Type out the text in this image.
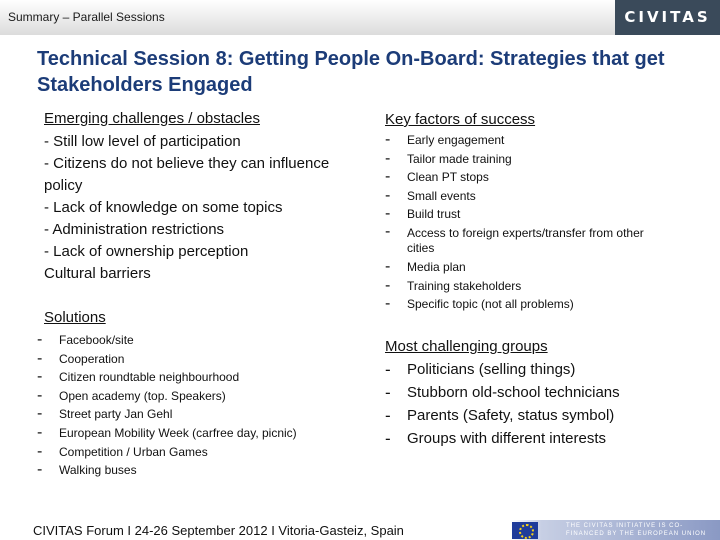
Summary – Parallel Sessions	CIVITAS
Technical Session 8: Getting People On-Board: Strategies that get Stakeholders Engaged
Emerging challenges / obstacles
- Still low level of participation
- Citizens do not believe they can influence policy
- Lack of knowledge on some topics
- Administration restrictions
- Lack of ownership perception
Cultural barriers
Solutions
- Facebook/site
- Cooperation
- Citizen roundtable neighbourhood
- Open academy (top. Speakers)
- Street party Jan Gehl
- European Mobility Week (carfree day, picnic)
- Competition / Urban Games
- Walking buses
Key factors of success
- Early engagement
- Tailor made training
- Clean PT stops
- Small events
- Build trust
- Access to foreign experts/transfer from other cities
- Media plan
- Training stakeholders
- Specific topic (not all problems)
Most challenging groups
- Politicians (selling things)
- Stubborn old-school technicians
- Parents (Safety, status symbol)
- Groups with different interests
CIVITAS Forum I 24-26 September 2012 I Vitoria-Gasteiz, Spain	THE CIVITAS INITIATIVE IS CO-FINANCED BY THE EUROPEAN UNION
